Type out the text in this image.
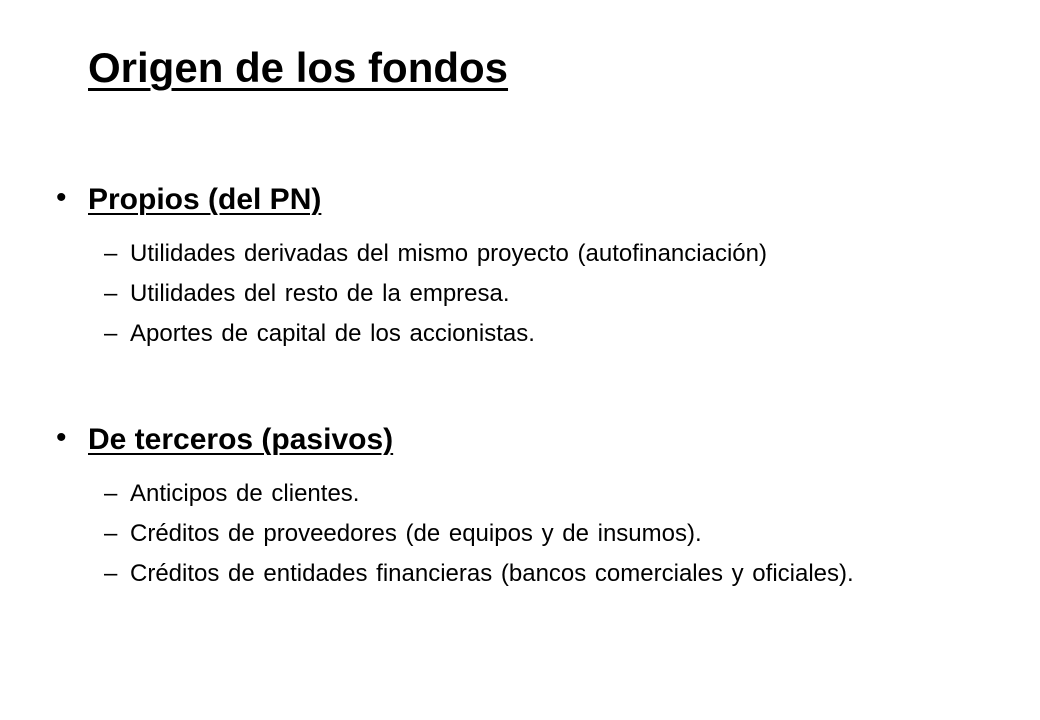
Origen de los fondos
• Propios (del PN)
– Utilidades derivadas del mismo proyecto (autofinanciación)
– Utilidades del resto de la empresa.
– Aportes de capital de los accionistas.
• De terceros (pasivos)
– Anticipos de clientes.
– Créditos de proveedores (de equipos y de insumos).
– Créditos de entidades financieras (bancos comerciales y oficiales).
